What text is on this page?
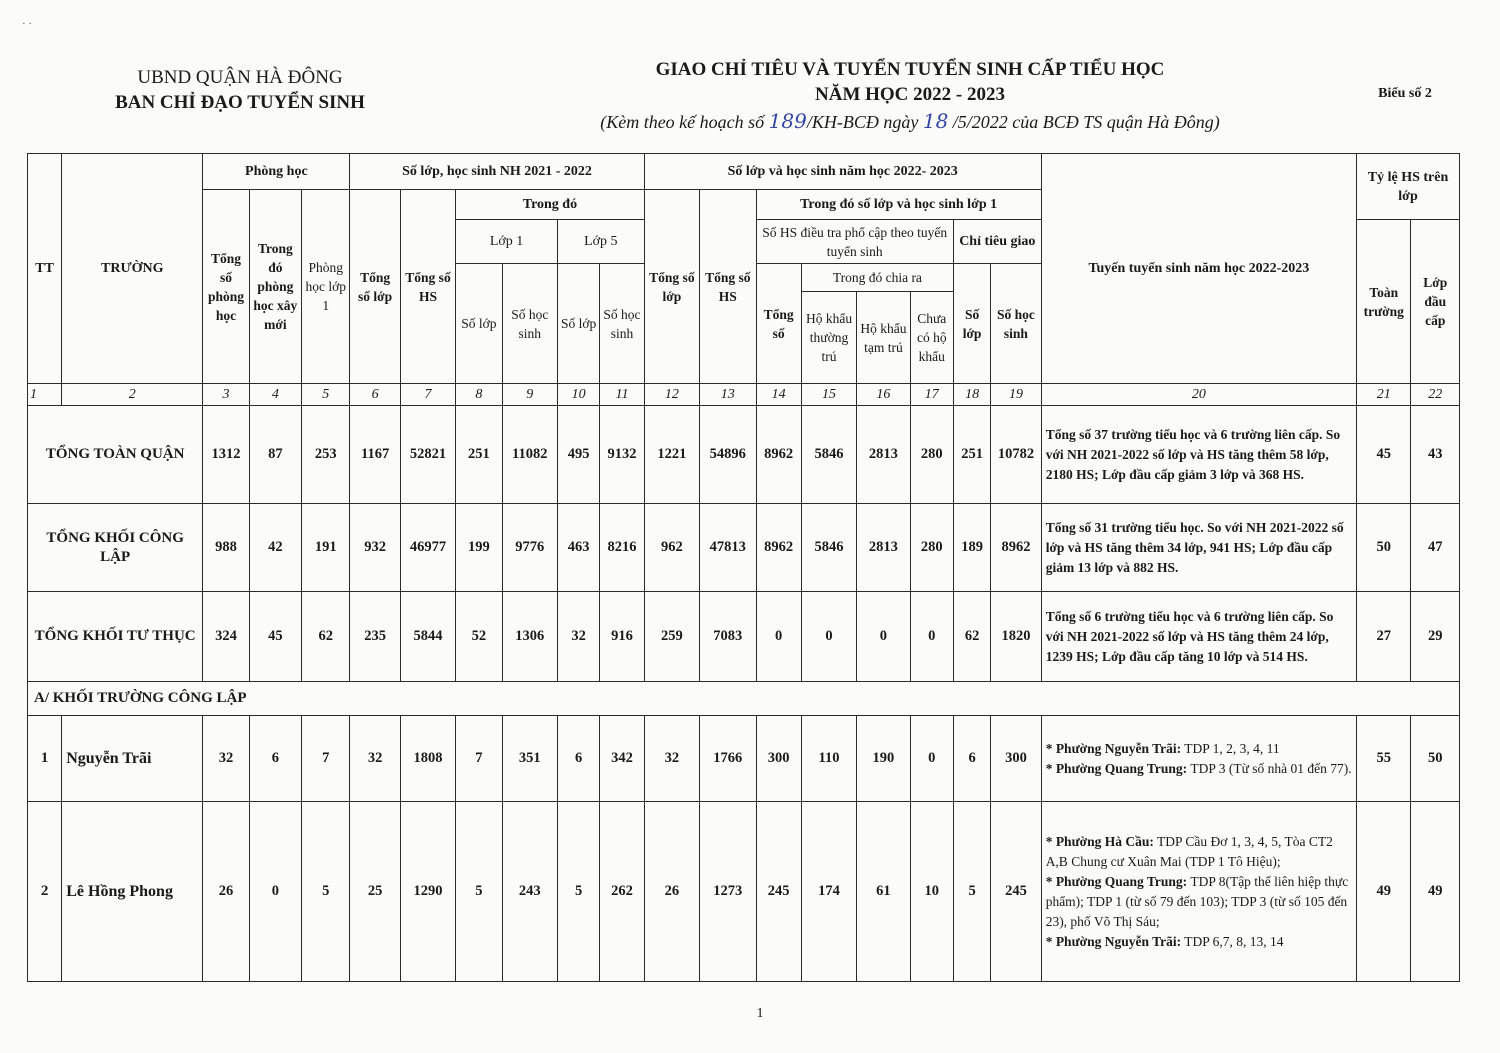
· ·
UBND QUẬN HÀ ĐÔNG
BAN CHỈ ĐẠO TUYỂN SINH
GIAO CHỈ TIÊU VÀ TUYỂN TUYỂN SINH CẤP TIỂU HỌC
NĂM HỌC 2022 - 2023
(Kèm theo kế hoạch số 189/KH-BCĐ ngày 18 /5/2022 của BCĐ TS quận Hà Đông)
Biểu số 2
TT	TRƯỜNG	Phòng học			Số lớp, học sinh NH 2021 - 2022						Số lớp và học sinh năm học 2022- 2023								Tuyến tuyển sinh năm học 2022-2023	Tỷ lệ HS trên lớp	
		Tổng số phòng học	Trong đó phòng học xây mới	Phòng học lớp 1	Tổng số lớp	Tổng số HS	Trong đó				Tổng số lớp	Tổng số HS	Trong đó số lớp và học sinh lớp 1								
							Lớp 1		Lớp 5				Số HS điều tra phổ cập theo tuyến tuyển sinh				Chỉ tiêu giao			Toàn trường	Lớp đầu cấp
							Số lớp	Số học sinh	Số lớp	Số học sinh			Tổng số	Trong đó chia ra			Số lớp	Số học sinh			
														Hộ khẩu thường trú	Hộ khẩu tạm trú	Chưa có hộ khẩu					
1	2	3	4	5	6	7	8	9	10	11	12	13	14	15	16	17	18	19	20	21	22
TỔNG TOÀN QUẬN		1312	87	253	1167	52821	251	11082	495	9132	1221	54896	8962	5846	2813	280	251	10782	Tổng số 37 trường tiểu học và 6 trường liên cấp. So với NH 2021-2022 số lớp và HS tăng thêm 58 lớp, 2180 HS; Lớp đầu cấp giảm 3 lớp và 368 HS.	45	43
TỔNG KHỐI CÔNG LẬP		988	42	191	932	46977	199	9776	463	8216	962	47813	8962	5846	2813	280	189	8962	Tổng số 31 trường tiểu học. So với NH 2021-2022 số lớp và HS tăng thêm 34 lớp, 941 HS; Lớp đầu cấp giảm 13 lớp và 882 HS.	50	47
TỔNG KHỐI TƯ THỤC		324	45	62	235	5844	52	1306	32	916	259	7083	0	0	0	0	62	1820	Tổng số 6 trường tiểu học và 6 trường liên cấp. So với NH 2021-2022 số lớp và HS tăng thêm 24 lớp, 1239 HS; Lớp đầu cấp tăng 10 lớp và 514 HS.	27	29
A/ KHỐI TRƯỜNG CÔNG LẬP																					
1	Nguyễn Trãi	32	6	7	32	1808	7	351	6	342	32	1766	300	110	190	0	6	300	* Phường Nguyễn Trãi: TDP 1, 2, 3, 4, 11
* Phường Quang Trung: TDP 3 (Từ số nhà 01 đến 77).	55	50
2	Lê Hồng Phong	26	0	5	25	1290	5	243	5	262	26	1273	245	174	61	10	5	245	* Phường Hà Cầu: TDP Cầu Đơ 1, 3, 4, 5, Tòa CT2 A,B Chung cư Xuân Mai (TDP 1 Tô Hiệu);
* Phường Quang Trung: TDP 8(Tập thể liên hiệp thực phẩm); TDP 1 (từ số 79 đến 103); TDP 3 (từ số 105 đến 23), phố Võ Thị Sáu;
* Phường Nguyễn Trãi: TDP 6,7, 8, 13, 14	49	49
1
